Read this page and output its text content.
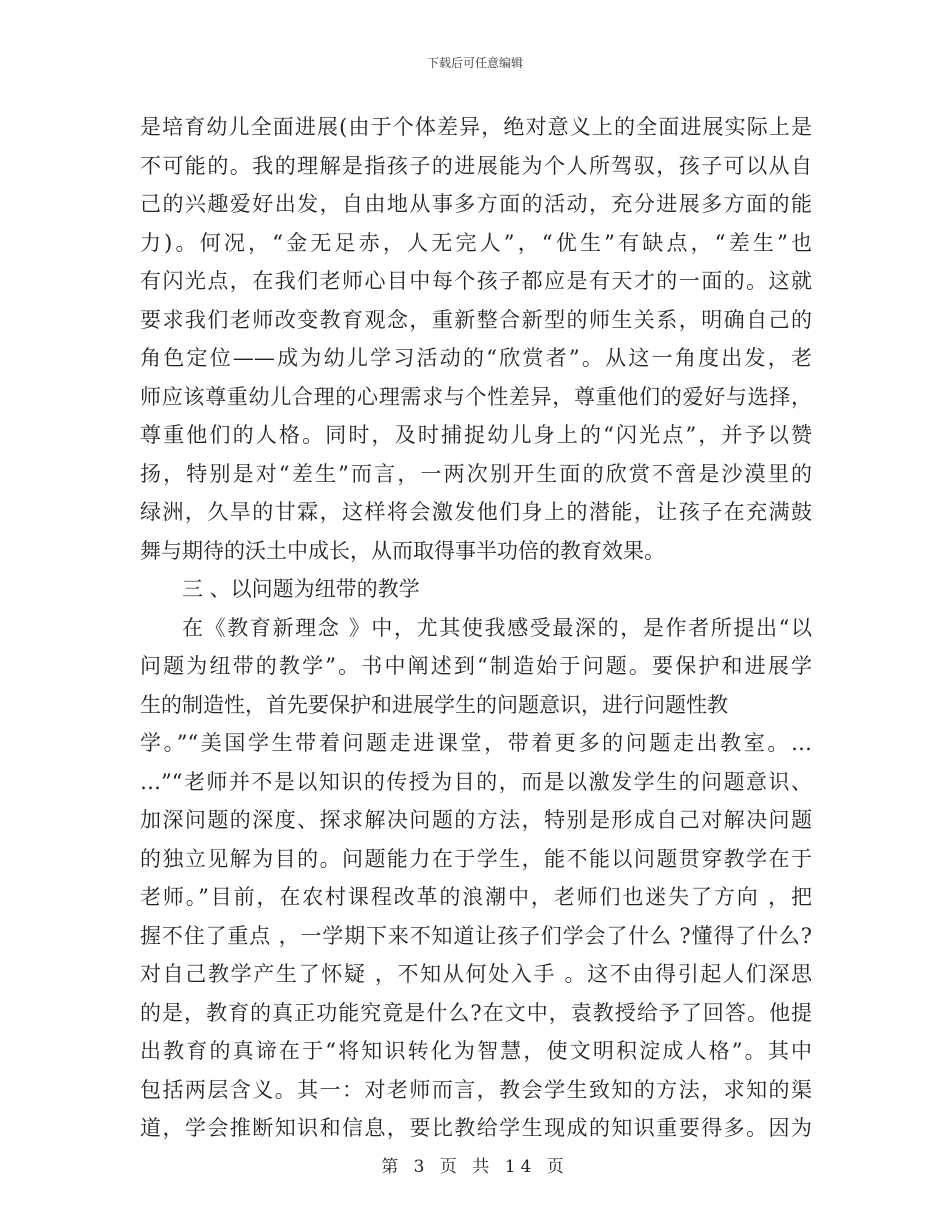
下载后可任意编辑
是培育幼儿全面进展(由于个体差异，绝对意义上的全面进展实际上是
不可能的。我的理解是指孩子的进展能为个人所驾驭，孩子可以从自
己的兴趣爱好出发，自由地从事多方面的活动，充分进展多方面的能
力)。何况，“金无足赤，人无完人”，“优生”有缺点，“差生”也
有闪光点，在我们老师心目中每个孩子都应是有天才的一面的。这就
要求我们老师改变教育观念，重新整合新型的师生关系，明确自己的
角色定位——成为幼儿学习活动的“欣赏者”。从这一角度出发，老
师应该尊重幼儿合理的心理需求与个性差异，尊重他们的爱好与选择，
尊重他们的人格。同时，及时捕捉幼儿身上的“闪光点”，并予以赞
扬，特别是对“差生”而言，一两次别开生面的欣赏不啻是沙漠里的
绿洲，久旱的甘霖，这样将会激发他们身上的潜能，让孩子在充满鼓
舞与期待的沃土中成长，从而取得事半功倍的教育效果。
三 、以问题为纽带的教学
在《教育新理念 》中，尤其使我感受最深的，是作者所提出“以
问题为纽带的教学”。书中阐述到“制造始于问题。要保护和进展学
生的制造性，首先要保护和进展学生的问题意识，进行问题性教
学。”“美国学生带着问题走进课堂，带着更多的问题走出教室。…
…”“老师并不是以知识的传授为目的，而是以激发学生的问题意识、
加深问题的深度、探求解决问题的方法，特别是形成自己对解决问题
的独立见解为目的。问题能力在于学生，能不能以问题贯穿教学在于
老师。”目前，在农村课程改革的浪潮中，老师们也迷失了方向 ，把
握不住了重点 ，一学期下来不知道让孩子们学会了什么 ?懂得了什么?
对自己教学产生了怀疑 ，不知从何处入手 。这不由得引起人们深思
的是，教育的真正功能究竟是什么?在文中，袁教授给予了回答。他提
出教育的真谛在于“将知识转化为智慧，使文明积淀成人格”。其中
包括两层含义。其一：对老师而言，教会学生致知的方法，求知的渠
道，学会推断知识和信息，要比教给学生现成的知识重要得多。因为
第 3 页 共 14 页
